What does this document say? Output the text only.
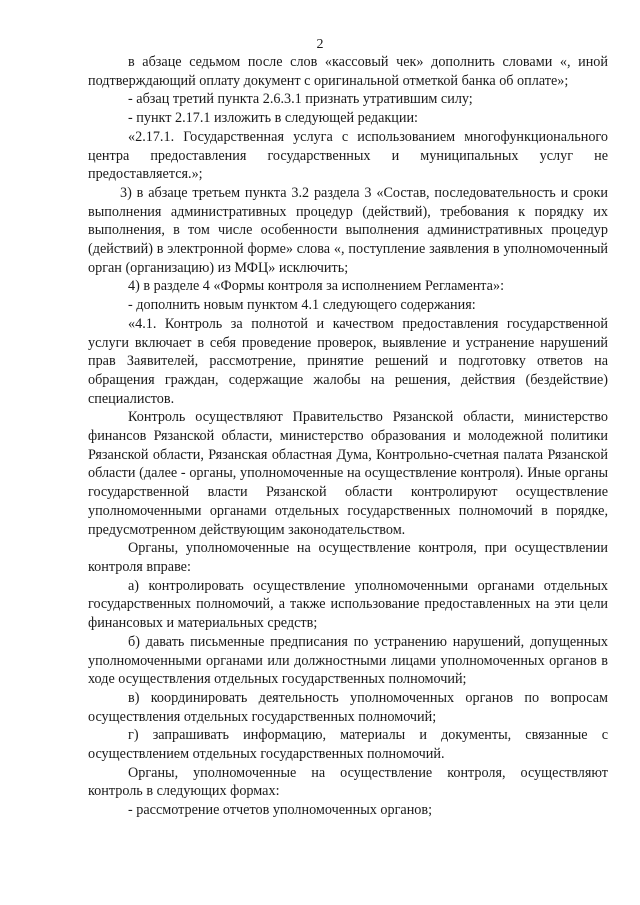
2

в абзаце седьмом после слов «кассовый чек» дополнить словами «, иной подтверждающий оплату документ с оригинальной отметкой банка об оплате»;

- абзац третий пункта 2.6.3.1 признать утратившим силу;

- пункт 2.17.1 изложить в следующей редакции:

«2.17.1. Государственная услуга с использованием многофункционального центра предоставления государственных и муниципальных услуг не предоставляется.»;

3) в абзаце третьем пункта 3.2 раздела 3 «Состав, последовательность и сроки выполнения административных процедур (действий), требования к порядку их выполнения, в том числе особенности выполнения административных процедур (действий) в электронной форме» слова «, поступление заявления в уполномоченный орган (организацию) из МФЦ» исключить;

4) в разделе 4 «Формы контроля за исполнением Регламента»:

- дополнить новым пунктом 4.1 следующего содержания:

«4.1. Контроль за полнотой и качеством предоставления государственной услуги включает в себя проведение проверок, выявление и устранение нарушений прав Заявителей, рассмотрение, принятие решений и подготовку ответов на обращения граждан, содержащие жалобы на решения, действия (бездействие) специалистов.

Контроль осуществляют Правительство Рязанской области, министерство финансов Рязанской области, министерство образования и молодежной политики Рязанской области, Рязанская областная Дума, Контрольно-счетная палата Рязанской области (далее - органы, уполномоченные на осуществление контроля). Иные органы государственной власти Рязанской области контролируют осуществление уполномоченными органами отдельных государственных полномочий в порядке, предусмотренном действующим законодательством.

Органы, уполномоченные на осуществление контроля, при осуществлении контроля вправе:

а) контролировать осуществление уполномоченными органами отдельных государственных полномочий, а также использование предоставленных на эти цели финансовых и материальных средств;

б) давать письменные предписания по устранению нарушений, допущенных уполномоченными органами или должностными лицами уполномоченных органов в ходе осуществления отдельных государственных полномочий;

в) координировать деятельность уполномоченных органов по вопросам осуществления отдельных государственных полномочий;

г) запрашивать информацию, материалы и документы, связанные с осуществлением отдельных государственных полномочий.

Органы, уполномоченные на осуществление контроля, осуществляют контроль в следующих формах:

- рассмотрение отчетов уполномоченных органов;
